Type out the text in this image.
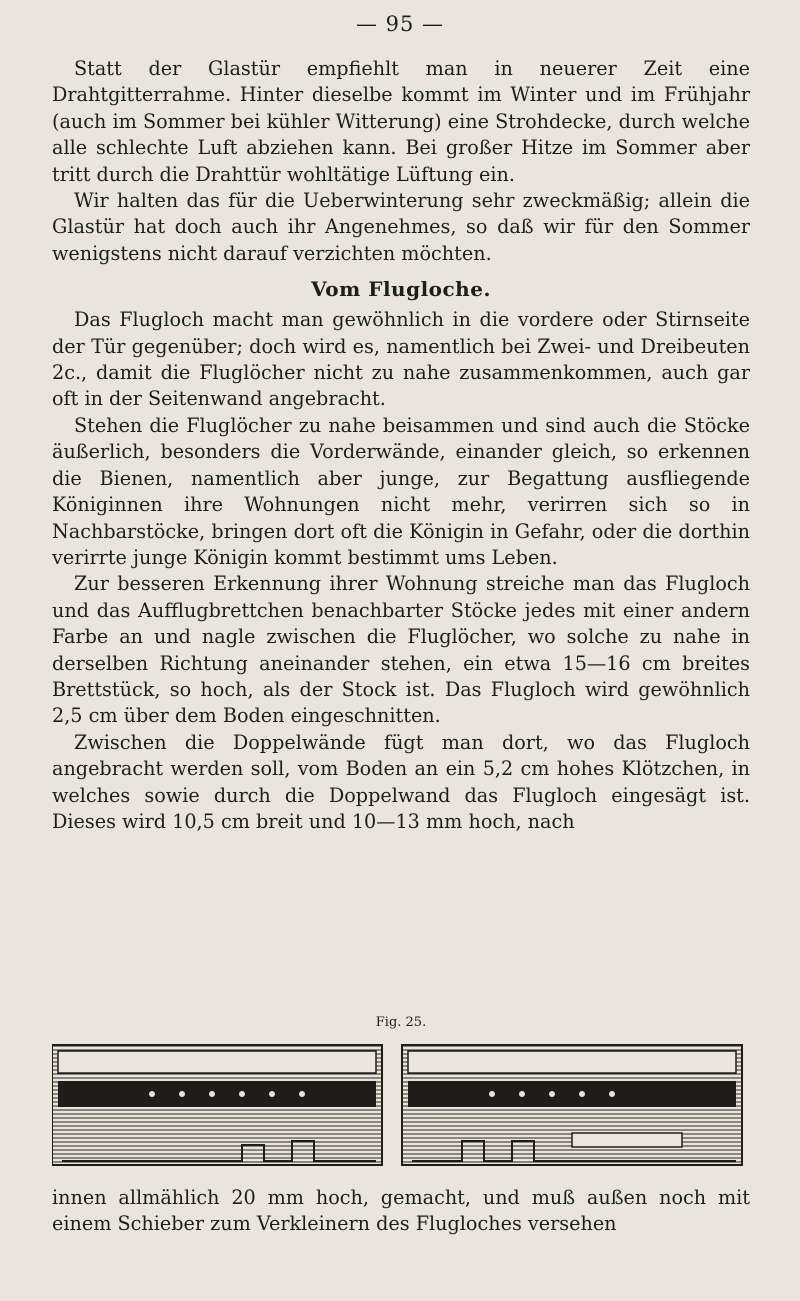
— 95 —

Statt der Glastür empfiehlt man in neuerer Zeit eine Drahtgitterrahme. Hinter dieselbe kommt im Winter und im Frühjahr (auch im Sommer bei kühler Witterung) eine Strohdecke, durch welche alle schlechte Luft abziehen kann. Bei großer Hitze im Sommer aber tritt durch die Drahttür wohltätige Lüftung ein.

Wir halten das für die Ueberwinterung sehr zweckmäßig; allein die Glastür hat doch auch ihr Angenehmes, so daß wir für den Sommer wenigstens nicht darauf verzichten möchten.

Vom Flugloche.

Das Flugloch macht man gewöhnlich in die vordere oder Stirnseite der Tür gegenüber; doch wird es, namentlich bei Zwei- und Dreibeuten 2c., damit die Fluglöcher nicht zu nahe zusammenkommen, auch gar oft in der Seitenwand angebracht.

Stehen die Fluglöcher zu nahe beisammen und sind auch die Stöcke äußerlich, besonders die Vorderwände, einander gleich, so erkennen die Bienen, namentlich aber junge, zur Begattung ausfliegende Königinnen ihre Wohnungen nicht mehr, verirren sich so in Nachbarstöcke, bringen dort oft die Königin in Gefahr, oder die dorthin verirrte junge Königin kommt bestimmt ums Leben.

Zur besseren Erkennung ihrer Wohnung streiche man das Flugloch und das Aufflugbrettchen benachbarter Stöcke jedes mit einer andern Farbe an und nagle zwischen die Fluglöcher, wo solche zu nahe in derselben Richtung aneinander stehen, ein etwa 15—16 cm breites Brettstück, so hoch, als der Stock ist. Das Flugloch wird gewöhnlich 2,5 cm über dem Boden eingeschnitten.

Zwischen die Doppelwände fügt man dort, wo das Flugloch angebracht werden soll, vom Boden an ein 5,2 cm hohes Klötzchen, in welches sowie durch die Doppelwand das Flugloch eingesägt ist. Dieses wird 10,5 cm breit und 10—13 mm hoch, nach

Fig. 25.

innen allmählich 20 mm hoch, gemacht, und muß außen noch mit einem Schieber zum Verkleinern des Flugloches versehen
